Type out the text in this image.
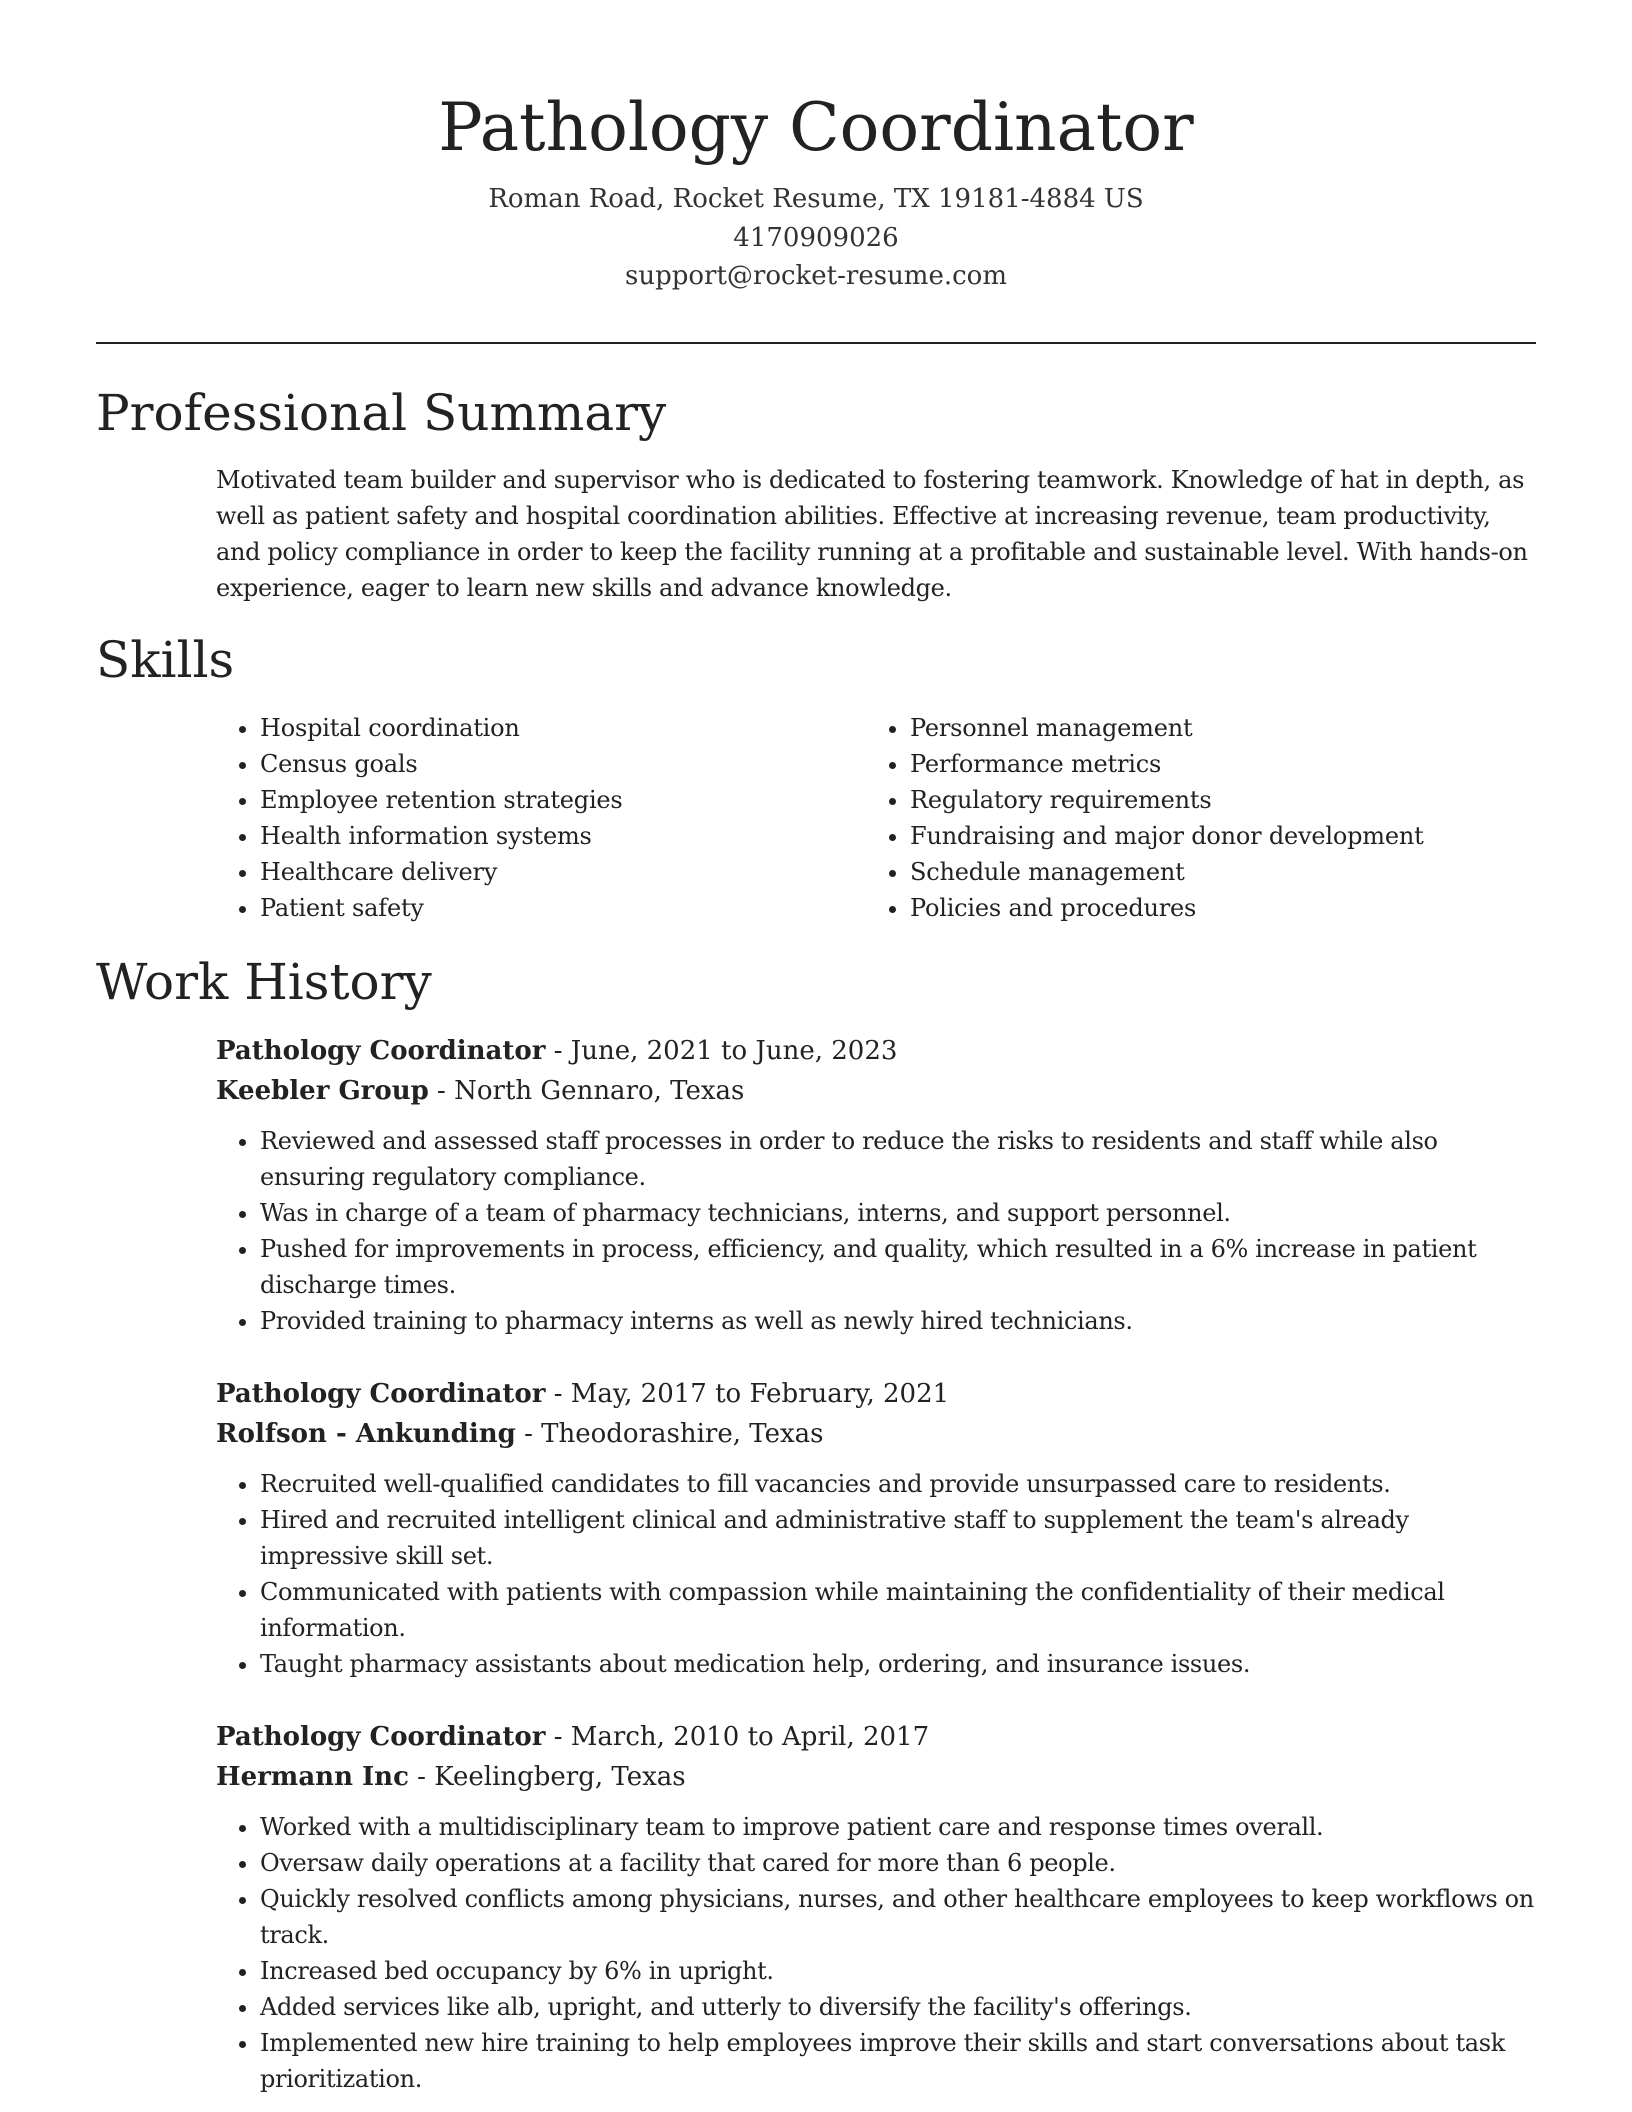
Pathology Coordinator
Roman Road, Rocket Resume, TX 19181-4884 US
4170909026
support@rocket-resume.com
Professional Summary

Motivated team builder and supervisor who is dedicated to fostering teamwork. Knowledge of hat in depth, as well as patient safety and hospital coordination abilities. Effective at increasing revenue, team productivity, and policy compliance in order to keep the facility running at a profitable and sustainable level. With hands-on experience, eager to learn new skills and advance knowledge.

Skills
• Hospital coordination
• Census goals
• Employee retention strategies
• Health information systems
• Healthcare delivery
• Patient safety
• Personnel management
• Performance metrics
• Regulatory requirements
• Fundraising and major donor development
• Schedule management
• Policies and procedures
Work History
Pathology Coordinator - June, 2021 to June, 2023
Keebler Group - North Gennaro, Texas
• Reviewed and assessed staff processes in order to reduce the risks to residents and staff while also ensuring regulatory compliance.
• Was in charge of a team of pharmacy technicians, interns, and support personnel.
• Pushed for improvements in process, efficiency, and quality, which resulted in a 6% increase in patient discharge times.
• Provided training to pharmacy interns as well as newly hired technicians.
Pathology Coordinator - May, 2017 to February, 2021
Rolfson - Ankunding - Theodorashire, Texas
• Recruited well-qualified candidates to fill vacancies and provide unsurpassed care to residents.
• Hired and recruited intelligent clinical and administrative staff to supplement the team's already impressive skill set.
• Communicated with patients with compassion while maintaining the confidentiality of their medical information.
• Taught pharmacy assistants about medication help, ordering, and insurance issues.
Pathology Coordinator - March, 2010 to April, 2017
Hermann Inc - Keelingberg, Texas
• Worked with a multidisciplinary team to improve patient care and response times overall.
• Oversaw daily operations at a facility that cared for more than 6 people.
• Quickly resolved conflicts among physicians, nurses, and other healthcare employees to keep workflows on track.
• Increased bed occupancy by 6% in upright.
• Added services like alb, upright, and utterly to diversify the facility's offerings.
• Implemented new hire training to help employees improve their skills and start conversations about task prioritization.
